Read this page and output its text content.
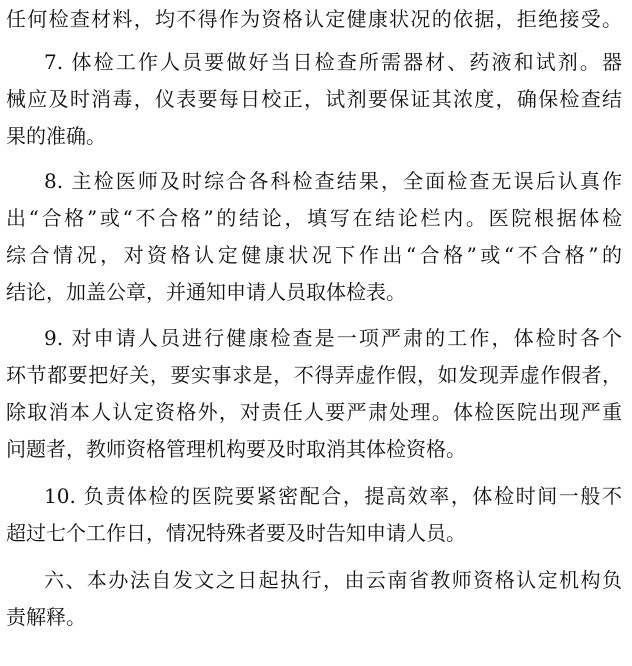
任何检查材料，均不得作为资格认定健康状况的依据，拒绝接受。
7. 体检工作人员要做好当日检查所需器材、药液和试剂。器
械应及时消毒，仪表要每日校正，试剂要保证其浓度，确保检查结
果的准确。
8. 主检医师及时综合各科检查结果，全面检查无误后认真作
出“合格”或“不合格”的结论，填写在结论栏内。医院根据体检
综合情况，对资格认定健康状况下作出“合格”或“不合格”的
结论，加盖公章，并通知申请人员取体检表。
9. 对申请人员进行健康检查是一项严肃的工作，体检时各个
环节都要把好关，要实事求是，不得弄虚作假，如发现弄虚作假者，
除取消本人认定资格外，对责任人要严肃处理。体检医院出现严重
问题者，教师资格管理机构要及时取消其体检资格。
10. 负责体检的医院要紧密配合，提高效率，体检时间一般不
超过七个工作日，情况特殊者要及时告知申请人员。
六、本办法自发文之日起执行，由云南省教师资格认定机构负
责解释。
